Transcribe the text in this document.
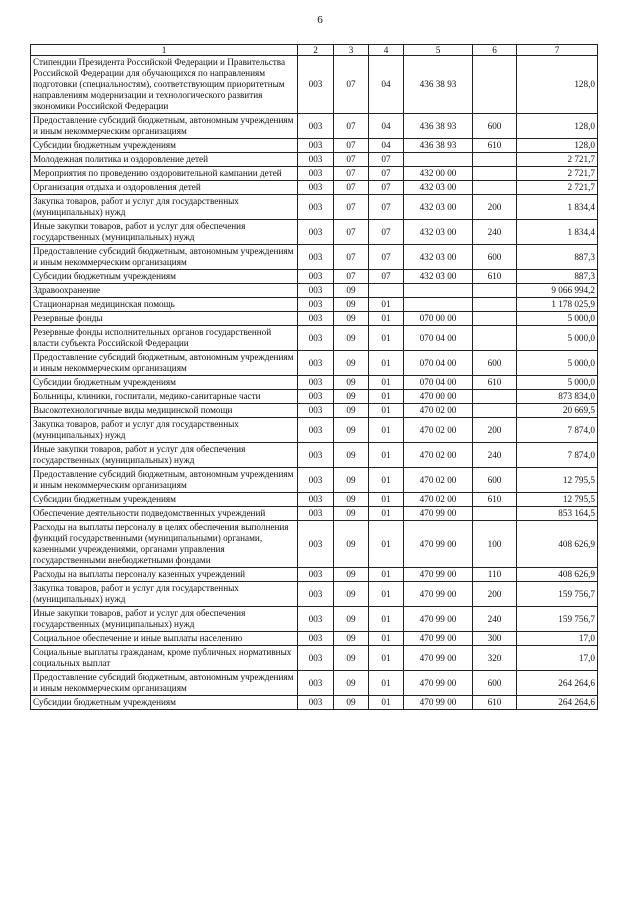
6
1	2	3	4	5	6	7
Стипендии Президента Российской Федерации и Правительства Российской Федерации для обучающихся по направлениям подготовки (специальностям), соответствующим приоритетным направлениям модернизации и технологического развития экономики Российской Федерации	003	07	04	436 38 93		128,0
Предоставление субсидий бюджетным, автономным учреждениям и иным некоммерческим организациям	003	07	04	436 38 93	600	128,0
Субсидии бюджетным учреждениям	003	07	04	436 38 93	610	128,0
Молодежная политика и оздоровление детей	003	07	07			2 721,7
Мероприятия по проведению оздоровительной кампании детей	003	07	07	432 00 00		2 721,7
Организация отдыха и оздоровления детей	003	07	07	432 03 00		2 721,7
Закупка товаров, работ и услуг для государственных (муниципальных) нужд	003	07	07	432 03 00	200	1 834,4
Иные закупки товаров, работ и услуг для обеспечения государственных (муниципальных) нужд	003	07	07	432 03 00	240	1 834,4
Предоставление субсидий бюджетным, автономным учреждениям и иным некоммерческим организациям	003	07	07	432 03 00	600	887,3
Субсидии бюджетным учреждениям	003	07	07	432 03 00	610	887,3
Здравоохранение	003	09				9 066 994,2
Стационарная медицинская помощь	003	09	01			1 178 025,9
Резервные фонды	003	09	01	070 00 00		5 000,0
Резервные фонды исполнительных органов государственной власти субъекта Российской Федерации	003	09	01	070 04 00		5 000,0
Предоставление субсидий бюджетным, автономным учреждениям и иным некоммерческим организациям	003	09	01	070 04 00	600	5 000,0
Субсидии бюджетным учреждениям	003	09	01	070 04 00	610	5 000,0
Больницы, клиники, госпитали, медико-санитарные части	003	09	01	470 00 00		873 834,0
Высокотехнологичные виды медицинской помощи	003	09	01	470 02 00		20 669,5
Закупка товаров, работ и услуг для государственных (муниципальных) нужд	003	09	01	470 02 00	200	7 874,0
Иные закупки товаров, работ и услуг для обеспечения государственных (муниципальных) нужд	003	09	01	470 02 00	240	7 874,0
Предоставление субсидий бюджетным, автономным учреждениям и иным некоммерческим организациям	003	09	01	470 02 00	600	12 795,5
Субсидии бюджетным учреждениям	003	09	01	470 02 00	610	12 795,5
Обеспечение деятельности подведомственных учреждений	003	09	01	470 99 00		853 164,5
Расходы на выплаты персоналу в целях обеспечения выполнения функций государственными (муниципальными) органами, казенными учреждениями, органами управления государственными внебюджетными фондами	003	09	01	470 99 00	100	408 626,9
Расходы на выплаты персоналу казенных учреждений	003	09	01	470 99 00	110	408 626,9
Закупка товаров, работ и услуг для государственных (муниципальных) нужд	003	09	01	470 99 00	200	159 756,7
Иные закупки товаров, работ и услуг для обеспечения государственных (муниципальных) нужд	003	09	01	470 99 00	240	159 756,7
Социальное обеспечение и иные выплаты населению	003	09	01	470 99 00	300	17,0
Социальные выплаты гражданам, кроме публичных нормативных социальных выплат	003	09	01	470 99 00	320	17,0
Предоставление субсидий бюджетным, автономным учреждениям и иным некоммерческим организациям	003	09	01	470 99 00	600	264 264,6
Субсидии бюджетным учреждениям	003	09	01	470 99 00	610	264 264,6
